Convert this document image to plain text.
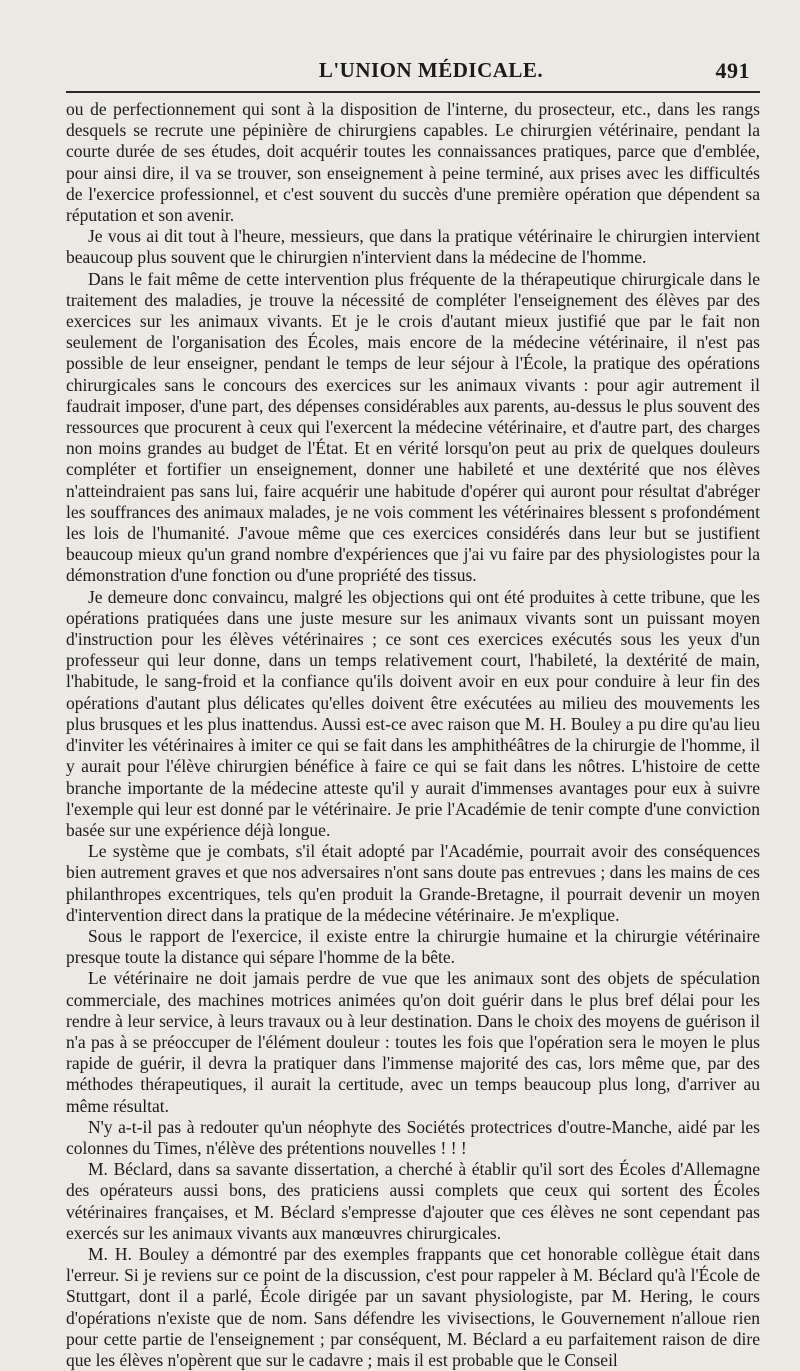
L'UNION MÉDICALE.	491

ou de perfectionnement qui sont à la disposition de l'interne, du prosecteur, etc., dans les rangs desquels se recrute une pépinière de chirurgiens capables. Le chirurgien vétérinaire, pendant la courte durée de ses études, doit acquérir toutes les connaissances pratiques, parce que d'emblée, pour ainsi dire, il va se trouver, son enseignement à peine terminé, aux prises avec les difficultés de l'exercice professionnel, et c'est souvent du succès d'une première opération que dépendent sa réputation et son avenir.

Je vous ai dit tout à l'heure, messieurs, que dans la pratique vétérinaire le chirurgien intervient beaucoup plus souvent que le chirurgien n'intervient dans la médecine de l'homme.

Dans le fait même de cette intervention plus fréquente de la thérapeutique chirurgicale dans le traitement des maladies, je trouve la nécessité de compléter l'enseignement des élèves par des exercices sur les animaux vivants. Et je le crois d'autant mieux justifié que par le fait non seulement de l'organisation des Écoles, mais encore de la médecine vétérinaire, il n'est pas possible de leur enseigner, pendant le temps de leur séjour à l'École, la pratique des opérations chirurgicales sans le concours des exercices sur les animaux vivants : pour agir autrement il faudrait imposer, d'une part, des dépenses considérables aux parents, au-dessus le plus souvent des ressources que procurent à ceux qui l'exercent la médecine vétérinaire, et d'autre part, des charges non moins grandes au budget de l'État. Et en vérité lorsqu'on peut au prix de quelques douleurs compléter et fortifier un enseignement, donner une habileté et une dextérité que nos élèves n'atteindraient pas sans lui, faire acquérir une habitude d'opérer qui auront pour résultat d'abréger les souffrances des animaux malades, je ne vois comment les vétérinaires blessent s profondément les lois de l'humanité. J'avoue même que ces exercices considérés dans leur but se justifient beaucoup mieux qu'un grand nombre d'expériences que j'ai vu faire par des physiologistes pour la démonstration d'une fonction ou d'une propriété des tissus.

Je demeure donc convaincu, malgré les objections qui ont été produites à cette tribune, que les opérations pratiquées dans une juste mesure sur les animaux vivants sont un puissant moyen d'instruction pour les élèves vétérinaires ; ce sont ces exercices exécutés sous les yeux d'un professeur qui leur donne, dans un temps relativement court, l'habileté, la dextérité de main, l'habitude, le sang-froid et la confiance qu'ils doivent avoir en eux pour conduire à leur fin des opérations d'autant plus délicates qu'elles doivent être exécutées au milieu des mouvements les plus brusques et les plus inattendus. Aussi est-ce avec raison que M. H. Bouley a pu dire qu'au lieu d'inviter les vétérinaires à imiter ce qui se fait dans les amphithéâtres de la chirurgie de l'homme, il y aurait pour l'élève chirurgien bénéfice à faire ce qui se fait dans les nôtres. L'histoire de cette branche importante de la médecine atteste qu'il y aurait d'immenses avantages pour eux à suivre l'exemple qui leur est donné par le vétérinaire. Je prie l'Académie de tenir compte d'une conviction basée sur une expérience déjà longue.

Le système que je combats, s'il était adopté par l'Académie, pourrait avoir des conséquences bien autrement graves et que nos adversaires n'ont sans doute pas entrevues ; dans les mains de ces philanthropes excentriques, tels qu'en produit la Grande-Bretagne, il pourrait devenir un moyen d'intervention direct dans la pratique de la médecine vétérinaire. Je m'explique.

Sous le rapport de l'exercice, il existe entre la chirurgie humaine et la chirurgie vétérinaire presque toute la distance qui sépare l'homme de la bête.

Le vétérinaire ne doit jamais perdre de vue que les animaux sont des objets de spéculation commerciale, des machines motrices animées qu'on doit guérir dans le plus bref délai pour les rendre à leur service, à leurs travaux ou à leur destination. Dans le choix des moyens de guérison il n'a pas à se préoccuper de l'élément douleur : toutes les fois que l'opération sera le moyen le plus rapide de guérir, il devra la pratiquer dans l'immense majorité des cas, lors même que, par des méthodes thérapeutiques, il aurait la certitude, avec un temps beaucoup plus long, d'arriver au même résultat.

N'y a-t-il pas à redouter qu'un néophyte des Sociétés protectrices d'outre-Manche, aidé par les colonnes du Times, n'élève des prétentions nouvelles ! ! !

M. Béclard, dans sa savante dissertation, a cherché à établir qu'il sort des Écoles d'Allemagne des opérateurs aussi bons, des praticiens aussi complets que ceux qui sortent des Écoles vétérinaires françaises, et M. Béclard s'empresse d'ajouter que ces élèves ne sont cependant pas exercés sur les animaux vivants aux manœuvres chirurgicales.

M. H. Bouley a démontré par des exemples frappants que cet honorable collègue était dans l'erreur. Si je reviens sur ce point de la discussion, c'est pour rappeler à M. Béclard qu'à l'École de Stuttgart, dont il a parlé, École dirigée par un savant physiologiste, par M. Hering, le cours d'opérations n'existe que de nom. Sans défendre les vivisections, le Gouvernement n'alloue rien pour cette partie de l'enseignement ; par conséquent, M. Béclard a eu parfaitement raison de dire que les élèves n'opèrent que sur le cadavre ; mais il est probable que le Conseil
